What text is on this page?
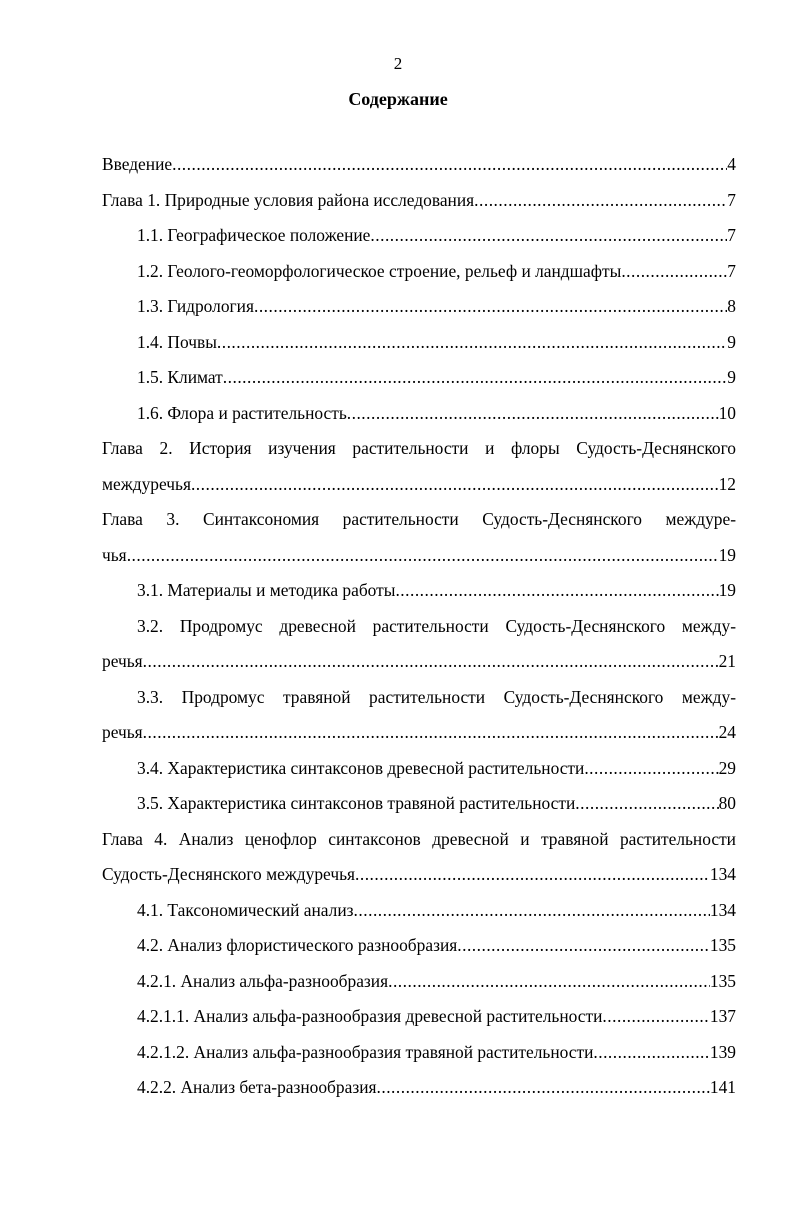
2
Содержание
Введение .....	4
Глава 1. Природные условия района исследования .....	7
1.1. Географическое положение .....	7
1.2. Геолого-геоморфологическое строение, рельеф и ландшафты .....	7
1.3. Гидрология .....	8
1.4. Почвы .....	9
1.5. Климат .....	9
1.6. Флора и растительность .....	10
Глава 2. История изучения растительности и флоры Судость-Деснянского
междуречья .....	12
Глава 3. Синтаксономия растительности Судость-Деснянского междуре-
чья .....	19
3.1. Материалы и методика работы .....	19
3.2. Продромус древесной растительности Судость-Деснянского между-
речья .....	21
3.3. Продромус травяной растительности Судость-Деснянского между-
речья .....	24
3.4. Характеристика синтаксонов древесной растительности .....	29
3.5. Характеристика синтаксонов травяной растительности .....	80
Глава 4. Анализ ценофлор синтаксонов древесной и травяной растительности
Судость-Деснянского междуречья .....	134
4.1. Таксономический анализ .....	134
4.2. Анализ флористического разнообразия .....	135
4.2.1. Анализ альфа-разнообразия .....	135
4.2.1.1. Анализ альфа-разнообразия древесной растительности .....	137
4.2.1.2. Анализ альфа-разнообразия травяной растительности .....	139
4.2.2. Анализ бета-разнообразия .....	141
